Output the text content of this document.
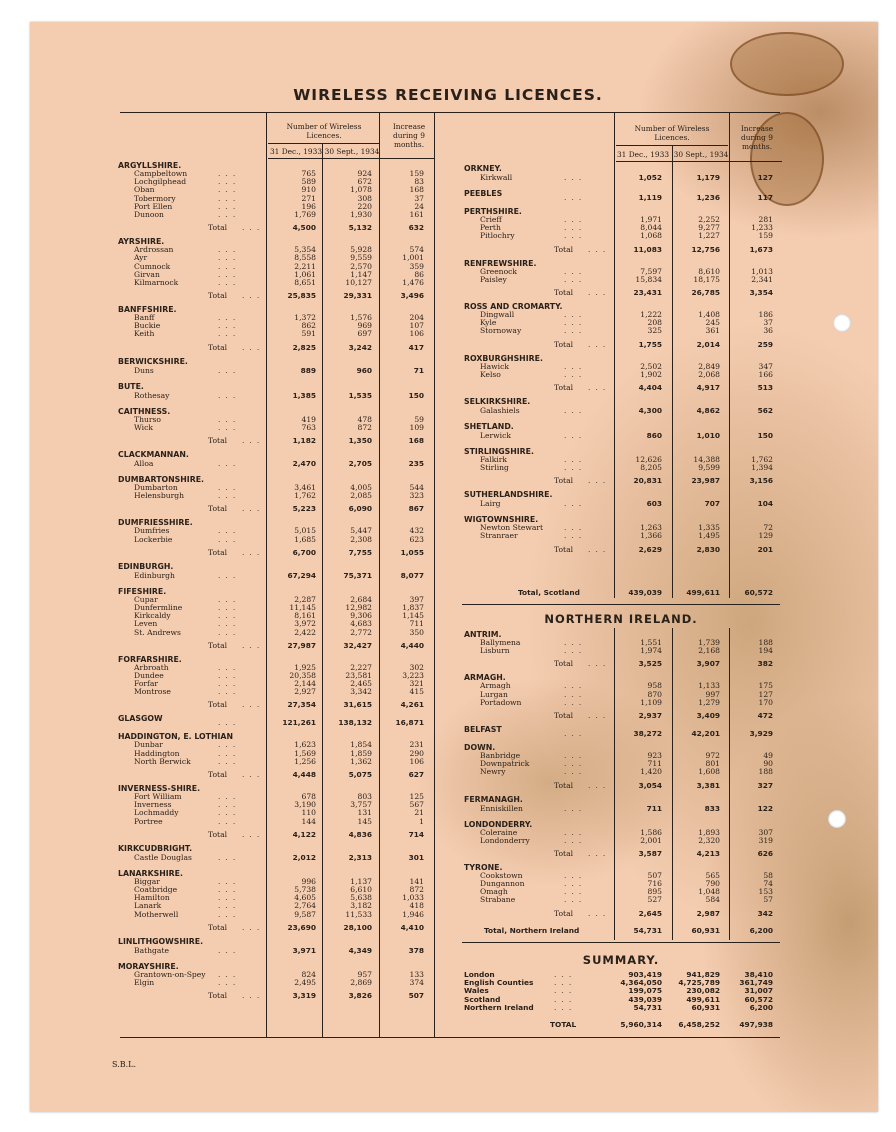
WIRELESS RECEIVING LICENCES.
Number of Wireless Licences.
Increase during 9 months.
31 Dec., 1933 30 Sept., 1934
Number of Wireless Licences.
Increase during 9 months.
31 Dec., 1933 30 Sept., 1934
ARGYLLSHIRE.
Campbeltown	...	765	924	159
Lochgilphead	...	589	672	83
Oban	...	910	1,078	168
Tobermory	...	271	308	37
Port Ellen	...	196	220	24
Dunoon	...	1,769	1,930	161
Total ...	4,500	5,132	632
AYRSHIRE.
Ardrossan	...	5,354	5,928	574
Ayr	...	8,558	9,559	1,001
Cumnock	...	2,211	2,570	359
Girvan	...	1,061	1,147	86
Kilmarnock	...	8,651	10,127	1,476
Total ...	25,835	29,331	3,496
BANFFSHIRE.
Banff	...	1,372	1,576	204
Buckie	...	862	969	107
Keith	...	591	697	106
Total ...	2,825	3,242	417
BERWICKSHIRE.
Duns	...	889	960	71
BUTE.
Rothesay	...	1,385	1,535	150
CAITHNESS.
Thurso	...	419	478	59
Wick	...	763	872	109
Total ...	1,182	1,350	168
CLACKMANNAN.
Alloa	...	2,470	2,705	235
DUMBARTONSHIRE.
Dumbarton	...	3,461	4,005	544
Helensburgh	...	1,762	2,085	323
Total ...	5,223	6,090	867
DUMFRIESSHIRE.
Dumfries	...	5,015	5,447	432
Lockerbie	...	1,685	2,308	623
Total ...	6,700	7,755	1,055
EDINBURGH.
Edinburgh	...	67,294	75,371	8,077
FIFESHIRE.
Cupar	...	2,287	2,684	397
Dunfermline	...	11,145	12,982	1,837
Kirkcaldy	...	8,161	9,306	1,145
Leven	...	3,972	4,683	711
St. Andrews	...	2,422	2,772	350
Total ...	27,987	32,427	4,440
FORFARSHIRE.
Arbroath	...	1,925	2,227	302
Dundee	...	20,358	23,581	3,223
Forfar	...	2,144	2,465	321
Montrose	...	2,927	3,342	415
Total ...	27,354	31,615	4,261
GLASGOW	...	121,261	138,132	16,871
HADDINGTON, E. LOTHIAN
Dunbar	...	1,623	1,854	231
Haddington	...	1,569	1,859	290
North Berwick	...	1,256	1,362	106
Total ...	4,448	5,075	627
INVERNESS-SHIRE.
Fort William	...	678	803	125
Inverness	...	3,190	3,757	567
Lochmaddy	...	110	131	21
Portree	...	144	145	1
Total ...	4,122	4,836	714
KIRKCUDBRIGHT.
Castle Douglas	...	2,012	2,313	301
LANARKSHIRE.
Biggar	...	996	1,137	141
Coatbridge	...	5,738	6,610	872
Hamilton	...	4,605	5,638	1,033
Lanark	...	2,764	3,182	418
Motherwell	...	9,587	11,533	1,946
Total ...	23,690	28,100	4,410
LINLITHGOWSHIRE.
Bathgate	...	3,971	4,349	378
MORAYSHIRE.
Grantown-on-Spey ...	824	957	133
Elgin	...	2,495	2,869	374
Total ...	3,319	3,826	507
ORKNEY.
Kirkwall	...	1,052	1,179	127
PEEBLES	...	1,119	1,236	117
PERTHSHIRE.
Crieff	...	1,971	2,252	281
Perth	...	8,044	9,277	1,233
Pitlochry	...	1,068	1,227	159
Total ...	11,083	12,756	1,673
RENFREWSHIRE.
Greenock	...	7,597	8,610	1,013
Paisley	...	15,834	18,175	2,341
Total ...	23,431	26,785	3,354
ROSS AND CROMARTY.
Dingwall	...	1,222	1,408	186
Kyle	...	208	245	37
Stornoway	...	325	361	36
Total ...	1,755	2,014	259
ROXBURGHSHIRE.
Hawick	...	2,502	2,849	347
Kelso	...	1,902	2,068	166
Total ...	4,404	4,917	513
SELKIRKSHIRE.
Galashiels	...	4,300	4,862	562
SHETLAND.
Lerwick	...	860	1,010	150
STIRLINGSHIRE.
Falkirk	...	12,626	14,388	1,762
Stirling	...	8,205	9,599	1,394
Total ...	20,831	23,987	3,156
SUTHERLANDSHIRE.
Lairg	...	603	707	104
WIGTOWNSHIRE.
Newton Stewart	...	1,263	1,335	72
Stranraer	...	1,366	1,495	129
Total ...	2,629	2,830	201
Total, Scotland	439,039	499,611	60,572
NORTHERN IRELAND.
ANTRIM.
Ballymena	...	1,551	1,739	188
Lisburn	...	1,974	2,168	194
Total ...	3,525	3,907	382
ARMAGH.
Armagh	...	958	1,133	175
Lurgan	...	870	997	127
Portadown	...	1,109	1,279	170
Total ...	2,937	3,409	472
BELFAST	...	38,272	42,201	3,929
DOWN.
Banbridge	...	923	972	49
Downpatrick	...	711	801	90
Newry	...	1,420	1,608	188
Total ...	3,054	3,381	327
FERMANAGH.
Enniskillen	...	711	833	122
LONDONDERRY.
Coleraine	...	1,586	1,893	307
Londonderry	...	2,001	2,320	319
Total ...	3,587	4,213	626
TYRONE.
Cookstown	...	507	565	58
Dungannon	...	716	790	74
Omagh	...	895	1,048	153
Strabane	...	527	584	57
Total ...	2,645	2,987	342
Total, Northern Ireland	54,731	60,931	6,200
SUMMARY.
London	...	903,419	941,829	38,410
English Counties	...	4,364,050	4,725,789	361,749
Wales	...	199,075	230,082	31,007
Scotland	...	439,039	499,611	60,572
Northern Ireland	...	54,731	60,931	6,200
TOTAL	5,960,314	6,458,252	497,938
S.B.L.
